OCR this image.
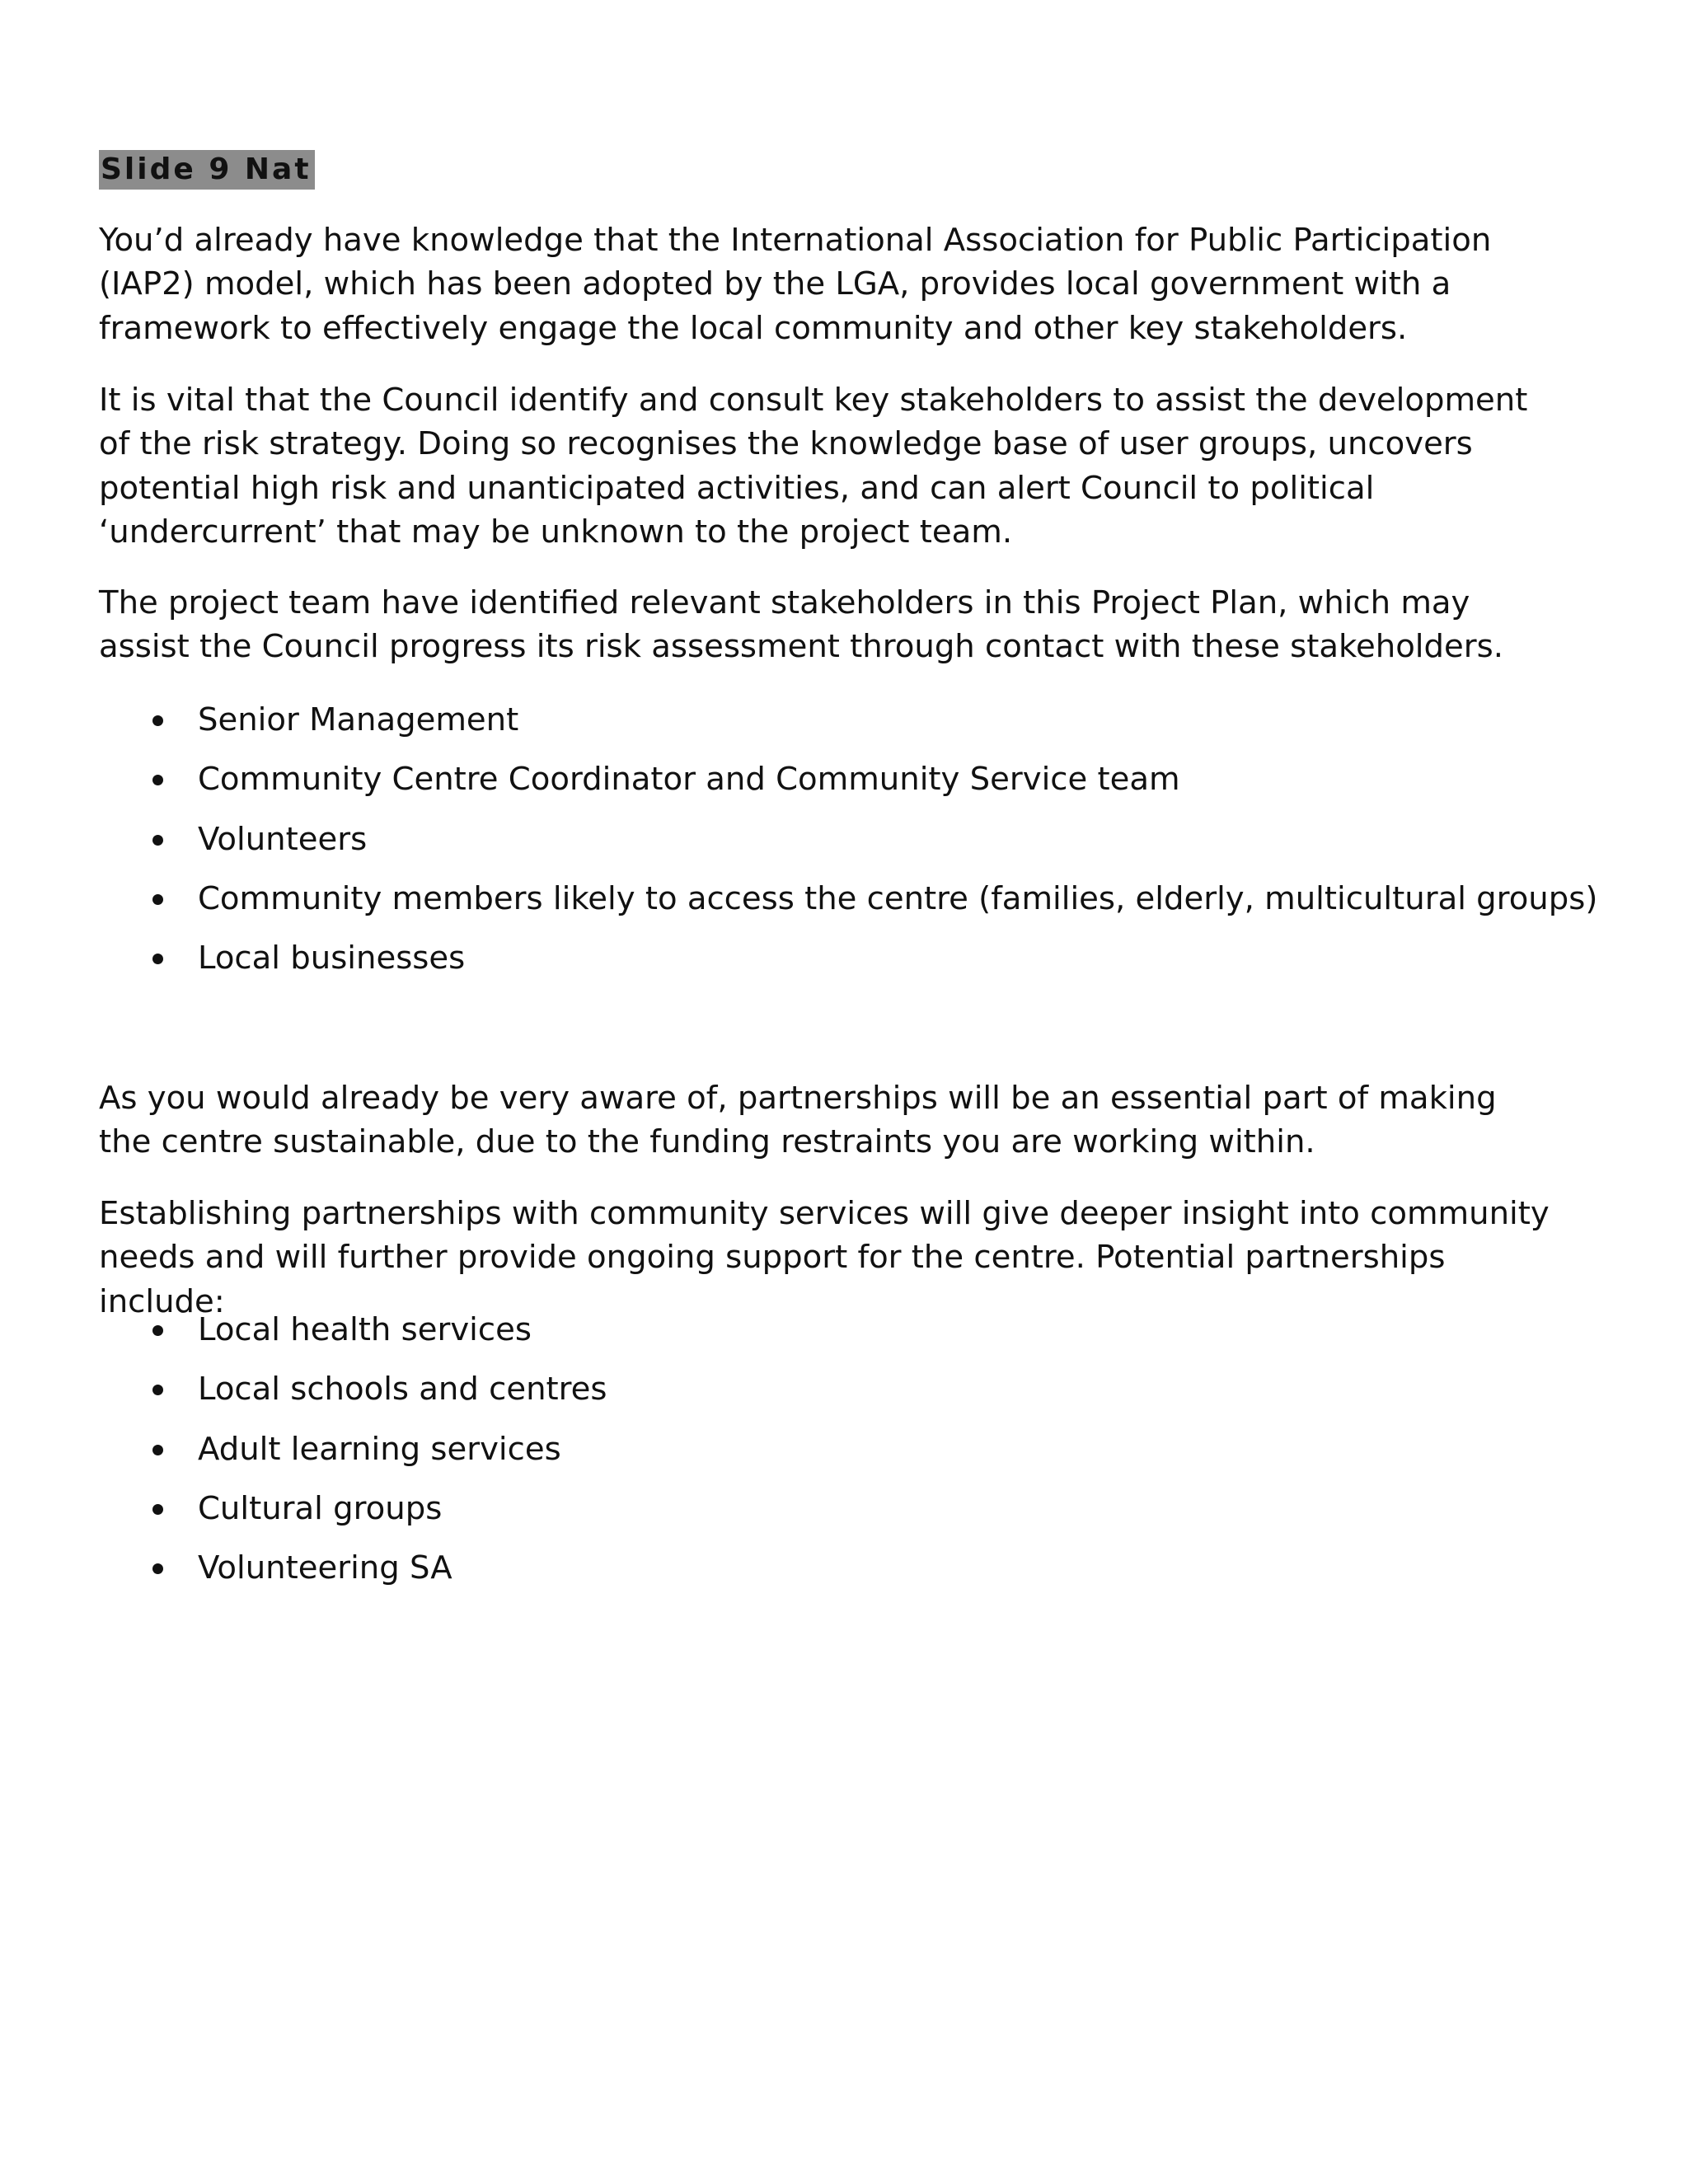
Slide 9 Nat

You’d already have knowledge that the International Association for Public Participation (IAP2) model, which has been adopted by the LGA, provides local government with a framework to effectively engage the local community and other key stakeholders.

It is vital that the Council identify and consult key stakeholders to assist the development of the risk strategy. Doing so recognises the knowledge base of user groups, uncovers potential high risk and unanticipated activities, and can alert Council to political ‘undercurrent’ that may be unknown to the project team.

The project team have identified relevant stakeholders in this Project Plan, which may assist the Council progress its risk assessment through contact with these stakeholders.

Senior Management
Community Centre Coordinator and Community Service team
Volunteers
Community members likely to access the centre (families, elderly, multicultural groups)
Local businesses

As you would already be very aware of, partnerships will be an essential part of making the centre sustainable, due to the funding restraints you are working within.

Establishing partnerships with community services will give deeper insight into community needs and will further provide ongoing support for the centre. Potential partnerships include:

Local health services
Local schools and centres
Adult learning services
Cultural groups
Volunteering SA
